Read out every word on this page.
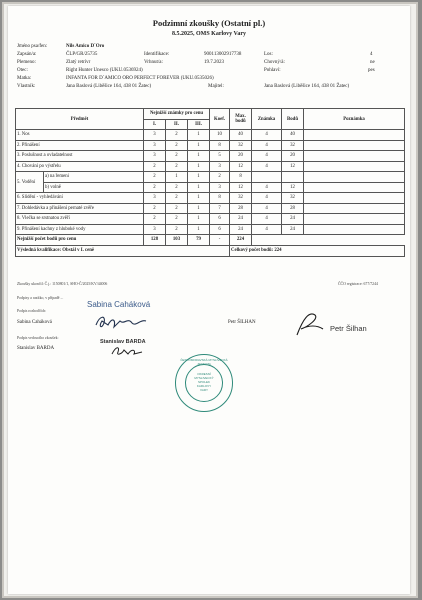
Podzimní zkoušky (Ostatní pl.)
8.5.2025, OMS Karlovy Vary
Jméno psa/fen:	Nils Amico D´Oro
Zapsán/a:	ČLP/GR/25735	Identifikace:	900113002917738	Los:	4
Plemeno:	Zlatý retrívr	Vrhnut/a:	19.7.2023	Chovný/á:	ne
Otec:	Right Hunter Unesco (UKU.0536924)	Pohlaví:	pes
Matka:	INFANTA FOR D´AMICO ORO PERFECT FOREVER (UKU.0535026)
Vlastník:	Jana Baslová (Liběšice 164, 438 01 Žatec)	Majitel:	Jana Baslová (Liběšice 164, 438 01 Žatec)
Předmět		Nejnižší známky pro cenu			Koef.	Max. bodů	Známka	Bodů	Poznámka
		I.	II.	III.					
1. Nos		3	2	1	10	40	4	40	
2. Přinášení		3	2	1	8	32	4	32	
3. Poslušnost a ovladatelnost		3	2	1	5	20	4	20	
4. Chování po výstřelu		2	2	1	3	12	4	12	
5. Vodění	a) na řemeni	2	1	1	2	8			
	b) volně	2	2	1	3	12	4	12	
6. Slídění - vyhledávání		3	2	1	8	32	4	32	
7. Dohledávka a přinášení pernaté zvěře		2	2	1	7	28	4	28	
8. Vlečka se srstnatou zvěří		2	2	1	6	24	4	24	
9. Přinášení kachny z hluboké vody		3	2	1	6	24	4	24	
Nejnižší počet bodů pro cenu		128	103	79	-	224			
Výsledná kvalifikace: Obstál v I. ceně						Celkový počet bodů: 224			
Zkoušky ukončil: Č.j.: 1150801/1, SHO-Č/2025/KV/44006	ČČO registrace: 677/7244
Podpisy a razítko, v případě ...
Podpis rozhodčích:
Sabina Caháková
Sabina Caháková	Petr ŠILHAN
Petr Šilhan
Podpis vedoucího zkoušek:
Stanislav BARDA
Stanislav BARDA
ČESKOMORAVSKÁ MYSLIVECKÁ JEDNOTA
OKRESNÍ
MYSLIVECKÝ
SPOLEK
KARLOVY
VARY
